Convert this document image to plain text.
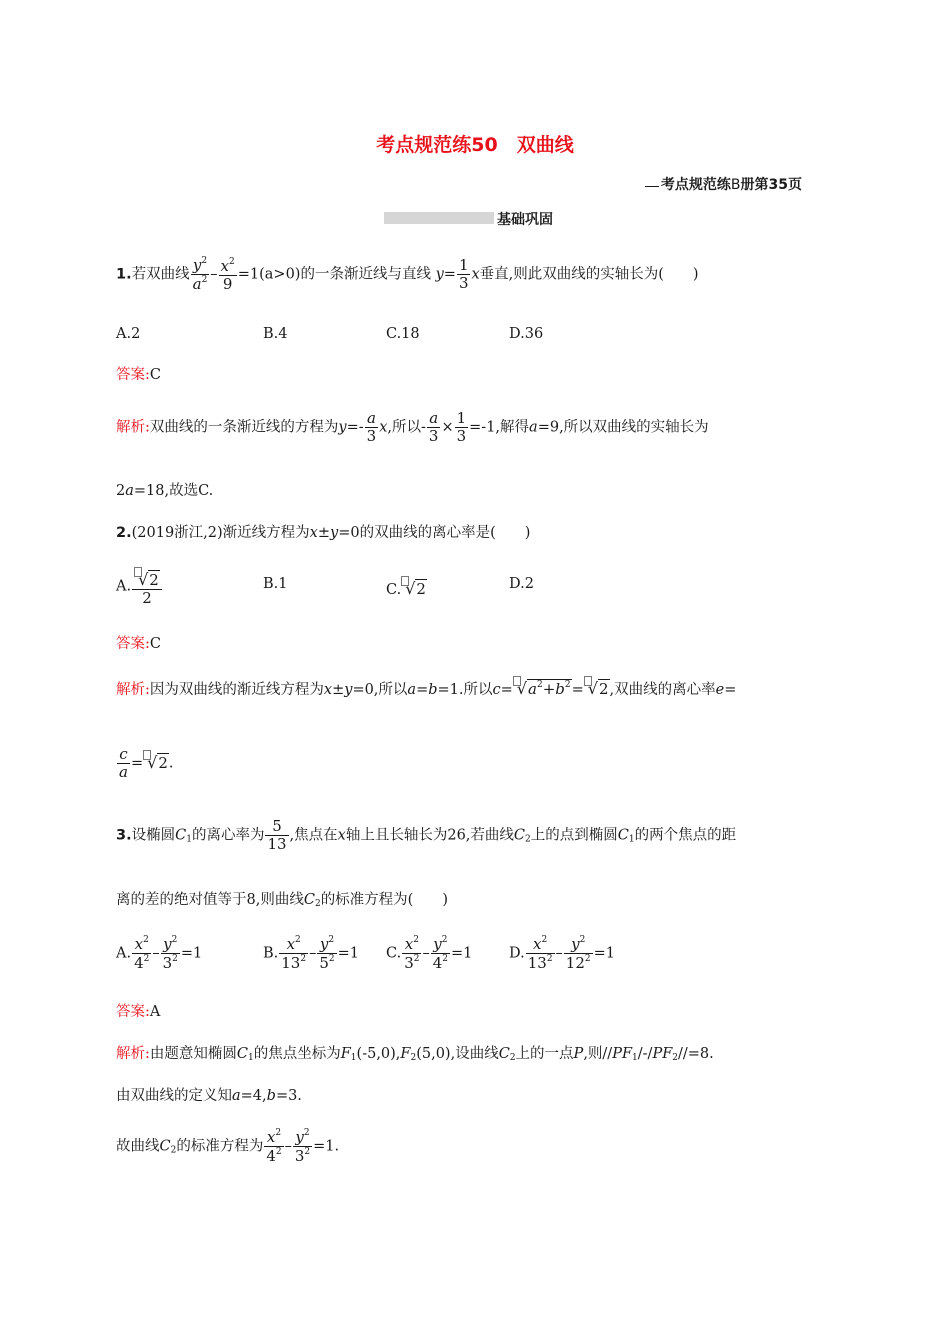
考点规范练50　双曲线
考点规范练B册第35页
基础巩固
1.若双曲线 $\frac{y^2}{a^2} - \frac{x^2}{9} =1(a>0)$的一条渐近线与直线 $y= \frac{1}{3}$ x垂直,则此双曲线的实轴长为(　　)
A.2	B.4	C.18	D.36
答案:C
解析:双曲线的一条渐近线的方程为$y=- \frac{a}{3} x$,所以- $\frac{a}{3} \times \frac{1}{3} =-1$,解得a=9,所以双曲线的实轴长为
2a=18,故选C.
2.(2019浙江,2)渐近线方程为x±y=0的双曲线的离心率是(　　)
A. $\frac{√2}{2}$	B.1	C. √2	D.2
答案:C
解析:因为双曲线的渐近线方程为x±y=0,所以a=b=1.所以$c= √a^2+b^2= √2$,双曲线的离心率e=
$\frac{c}{a} = √2$.
3.设椭圆$C_1$的离心率为 $\frac{5}{13}$ ,焦点在x轴上且长轴长为26,若曲线$C_2$上的点到椭圆$C_1$的两个焦点的距
离的差的绝对值等于8,则曲线$C_2$的标准方程为(　　)
A. $\frac{x^2}{4^2} - \frac{y^2}{3^2} =1$	B. $\frac{x^2}{13^2} - \frac{y^2}{5^2} =1$ C. $\frac{x^2}{3^2} - \frac{y^2}{4^2} =1$	D. $\frac{x^2}{13^2} - \frac{y^2}{12^2} =1$
答案:A
解析:由题意知椭圆$C_1$的焦点坐标为$F_1(-5,0),F_2(5,0)$,设曲线$C_2$上的一点P,则$//PF_1/-/PF_2//=8$.
由双曲线的定义知a=4,b=3.
故曲线$C_2$的标准方程为 $\frac{x^2}{4^2} - \frac{y^2}{3^2} =1$.
